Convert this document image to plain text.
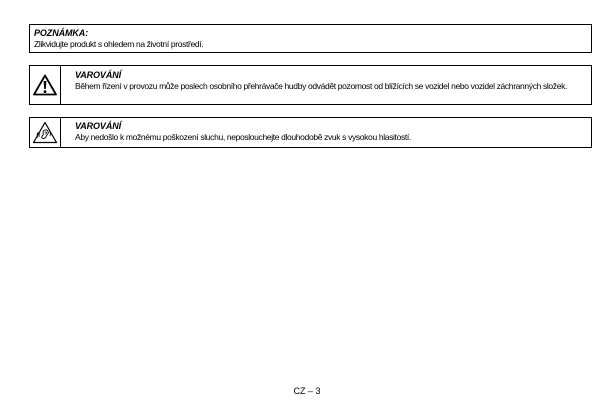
POZNÁMKA:
Zlikvidujte produkt s ohledem na životní prostředí.
VAROVÁNÍ
Během řízení v provozu může poslech osobního přehrávače hudby odvádět pozornost od blížících se vozidel nebo vozidel záchranných složek.
VAROVÁNÍ
Aby nedošlo k možnému poškození sluchu, neposlouchejte dlouhodobě zvuk s vysokou hlasitostí.
CZ – 3
